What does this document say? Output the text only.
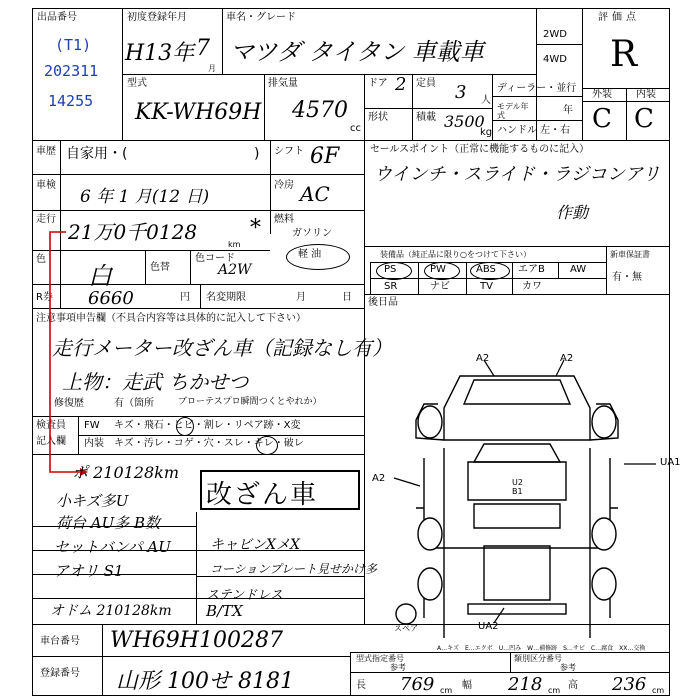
出品番号
(T1)
202311
14255
初度登録年月
H13年 7
月
車名・グレード
マツダ タイタン 車載車
2WD
4WD
評価点
R
外装 内装
C C
型式
KK-WH69H
排気量
4570
cc
ドア 2 定員 3 人
形状	積載 3500
kg
ディーラー・並行
モデル年式	年
ハンドル 左・右
車歴 自家用・(	) シフト 6F
車検
6 年 1 月(12 日)
冷房 AC
走行
21万0千0128
km
* 燃料
ガソリン
軽 油
色
白	色替
色コード
A2W
R券 6660	円 名変期限	月	日
セールスポイント（正常に機能するものに記入）
ウインチ・スライド・ラジコンアリ
作動
装備品（純正品に限り○をつけて下さい）	新車保証書
有・無
PS	PW	ABS エアB	AW
SR	ナビ	TV	カワ
後日品
注意事項申告欄（不具合内容等は具体的に記入して下さい）
走行メーター改ざん車（記録なし有）
上物：走武 ちかせつ
修復歴	有（箇所	ブローテスプロ瞬間つくとやれか）
検査員
記入欄
FW キズ・飛石・ヒビ・割レ・リペア跡・X変
内装 キズ・汚レ・コゲ・穴・スレ・キレ・破レ
ポ 210128km
改ざん車
小キズ多U
荷台 AU多 B数
セットバンパ AU
アオリ S1
キャビンXメX
コーションプレート見せかけ多
ステンドレス
B/TX
オドム 210128km
A2	A2
UA1
A2	U2 B1
UA2
スペア
A…キズ　E…エクボ　U…凹み　W…補修跡　S…サビ　C…腐食　XX…交換
車台番号 WH69H100287
登録番号 山形 100せ 8181
型式指定番号
参考
類別区分番号
参考
長 769 cm 幅 218 cm 高 236 cm
